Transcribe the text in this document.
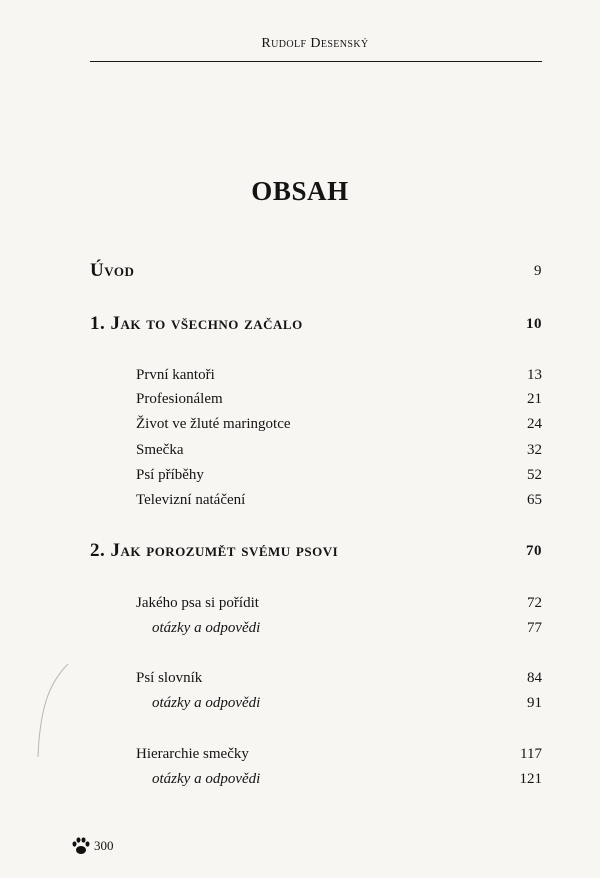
Rudolf Desenský
OBSAH
Úvod	9
1. Jak to všechno začalo	10
První kantoři	13
Profesionálem	21
Život ve žluté maringotce	24
Smečka	32
Psí příběhy	52
Televizní natáčení	65
2. Jak porozumět svému psovi	70
Jakého psa si pořídit	72
otázky a odpovědi	77
Psí slovník	84
otázky a odpovědi	91
Hierarchie smečky	117
otázky a odpovědi	121
300
